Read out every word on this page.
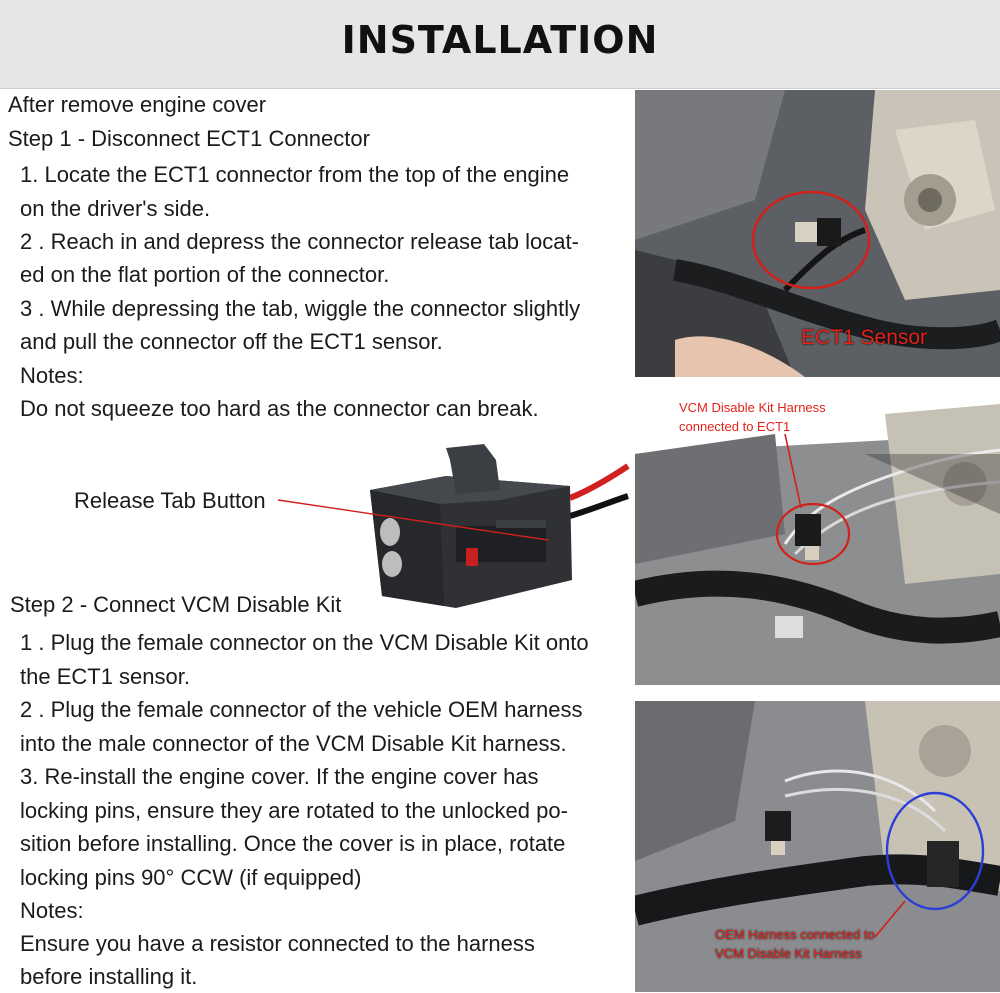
INSTALLATION
After remove engine cover
Step 1 - Disconnect ECT1 Connector
1. Locate the ECT1 connector from the top of the engine
on the driver's side.
2 . Reach in and depress the connector release tab locat-
ed on the flat portion of the connector.
3 . While depressing the tab, wiggle the connector slightly
and pull the connector off the ECT1 sensor.
Notes:
Do not squeeze too hard as the connector can break.
Release Tab Button
Step 2 - Connect VCM Disable Kit
1 . Plug the female connector on the VCM Disable Kit onto
the ECT1 sensor.
2 . Plug the female connector of the vehicle OEM harness
into the male connector of the VCM Disable Kit harness.
3. Re-install the engine cover. If the engine cover has
locking pins, ensure they are rotated to the unlocked po-
sition before installing. Once the cover is in place, rotate
locking pins 90° CCW (if equipped)
Notes:
Ensure you have a resistor connected to the harness
before installing it.
ECT1 Sensor
VCM Disable Kit Harness
connected to ECT1
OEM Harness connected to
VCM Disable Kit Harness
